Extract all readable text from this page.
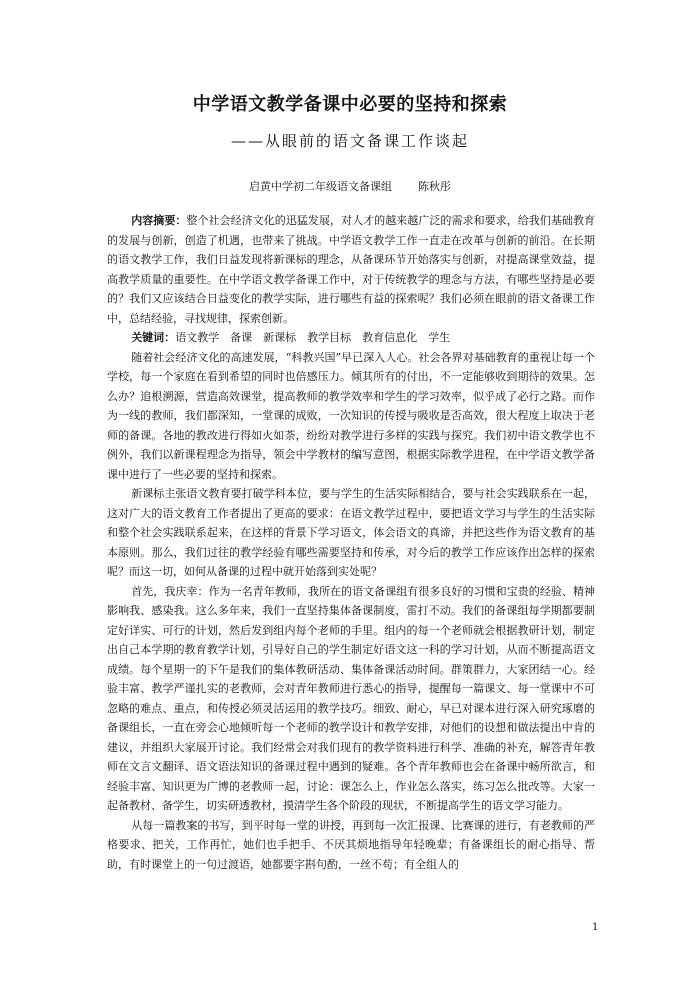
中学语文教学备课中必要的坚持和探索
——从眼前的语文备课工作谈起
启黄中学初二年级语文备课组 陈秋彤

内容摘要：整个社会经济文化的迅猛发展，对人才的越来越广泛的需求和要求，给我们基础教育的发展与创新，创造了机遇，也带来了挑战。中学语文教学工作一直走在改革与创新的前沿。在长期的语文教学工作，我们日益发现将新课标的理念，从备课环节开始落实与创新，对提高课堂效益，提高教学质量的重要性。在中学语文教学备课工作中，对于传统教学的理念与方法，有哪些坚持是必要的？我们又应该结合日益变化的教学实际，进行哪些有益的探索呢？我们必须在眼前的语文备课工作中，总结经验，寻找规律，探索创新。

关键词：语文教学　备课　新课标　教学目标　教育信息化　学生

随着社会经济文化的高速发展，“科教兴国”早已深入人心。社会各界对基础教育的重视让每一个学校，每一个家庭在看到希望的同时也倍感压力。倾其所有的付出，不一定能够收到期待的效果。怎么办？追根溯源，营造高效课堂，提高教师的教学效率和学生的学习效率，似乎成了必行之路。而作为一线的教师，我们都深知，一堂课的成败，一次知识的传授与吸收是否高效，很大程度上取决于老师的备课。各地的教改进行得如火如荼，纷纷对教学进行多样的实践与探究。我们初中语文教学也不例外，我们以新课程理念为指导，领会中学教材的编写意图，根据实际教学进程，在中学语文教学备课中进行了一些必要的坚持和探索。

新课标主张语文教育要打破学科本位，要与学生的生活实际相结合，要与社会实践联系在一起，这对广大的语文教育工作者提出了更高的要求：在语文教学过程中，要把语文学习与学生的生活实际和整个社会实践联系起来，在这样的背景下学习语文，体会语文的真谛，并把这些作为语文教育的基本原则。那么，我们过往的教学经验有哪些需要坚持和传承，对今后的教学工作应该作出怎样的探索呢？而这一切，如何从备课的过程中就开始落到实处呢？

首先，我庆幸：作为一名青年教师，我所在的语文备课组有很多良好的习惯和宝贵的经验、精神影响我、感染我。这么多年来，我们一直坚持集体备课制度，雷打不动。我们的备课组每学期都要制定好详实、可行的计划，然后发到组内每个老师的手里。组内的每一个老师就会根据教研计划，制定出自己本学期的教育教学计划，引导好自己的学生制定好语文这一科的学习计划，从而不断提高语文成绩。每个星期一的下午是我们的集体教研活动、集体备课活动时间。群策群力，大家团结一心。经验丰富、教学严谨扎实的老教师，会对青年教师进行悉心的指导，提醒每一篇课文、每一堂课中不可忽略的难点、重点，和传授必须灵活运用的教学技巧。细致、耐心，早已对课本进行深入研究琢磨的备课组长，一直在旁会心地倾听每一个老师的教学设计和教学安排，对他们的设想和做法提出中肯的建议，并组织大家展开讨论。我们经常会对我们现有的教学资料进行科学、准确的补充，解答青年教师在文言文翻译、语文语法知识的备课过程中遇到的疑难。各个青年教师也会在备课中畅所欲言，和经验丰富、知识更为广博的老教师一起，讨论：课怎么上，作业怎么落实，练习怎么批改等。大家一起备教材、备学生，切实研透教材，摸清学生各个阶段的现状，不断提高学生的语文学习能力。

从每一篇教案的书写，到平时每一堂的讲授，再到每一次汇报课、比赛课的进行，有老教师的严格要求、把关，工作再忙，她们也手把手、不厌其烦地指导年轻晚辈；有备课组长的耐心指导、帮助，有时课堂上的一句过渡语，她都要字斟句酌，一丝不苟；有全组人的

1
